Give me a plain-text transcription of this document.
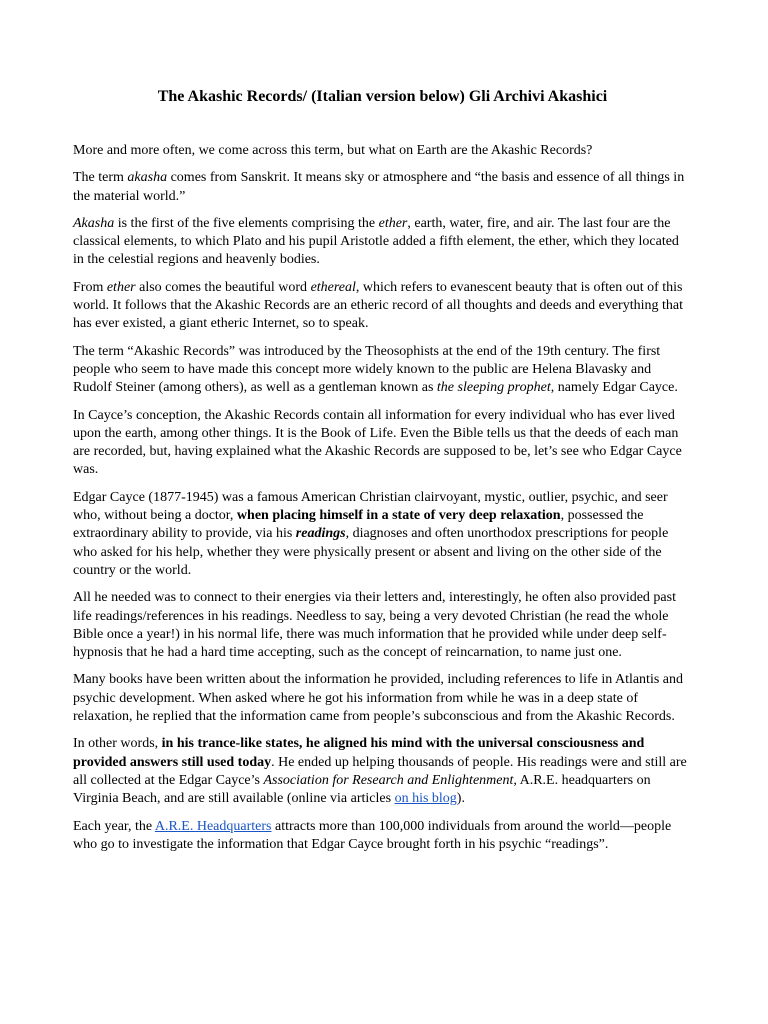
The Akashic Records/ (Italian version below) Gli Archivi Akashici

More and more often, we come across this term, but what on Earth are the Akashic Records?

The term akasha comes from Sanskrit. It means sky or atmosphere and “the basis and essence of all things in the material world.”

Akasha is the first of the five elements comprising the ether, earth, water, fire, and air. The last four are the classical elements, to which Plato and his pupil Aristotle added a fifth element, the ether, which they located in the celestial regions and heavenly bodies.

From ether also comes the beautiful word ethereal, which refers to evanescent beauty that is often out of this world. It follows that the Akashic Records are an etheric record of all thoughts and deeds and everything that has ever existed, a giant etheric Internet, so to speak.

The term “Akashic Records” was introduced by the Theosophists at the end of the 19th century. The first people who seem to have made this concept more widely known to the public are Helena Blavasky and Rudolf Steiner (among others), as well as a gentleman known as the sleeping prophet, namely Edgar Cayce.

In Cayce’s conception, the Akashic Records contain all information for every individual who has ever lived upon the earth, among other things. It is the Book of Life. Even the Bible tells us that the deeds of each man are recorded, but, having explained what the Akashic Records are supposed to be, let’s see who Edgar Cayce was.

Edgar Cayce (1877-1945) was a famous American Christian clairvoyant, mystic, outlier, psychic, and seer who, without being a doctor, when placing himself in a state of very deep relaxation, possessed the extraordinary ability to provide, via his readings, diagnoses and often unorthodox prescriptions for people who asked for his help, whether they were physically present or absent and living on the other side of the country or the world.

All he needed was to connect to their energies via their letters and, interestingly, he often also provided past life readings/references in his readings. Needless to say, being a very devoted Christian (he read the whole Bible once a year!) in his normal life, there was much information that he provided while under deep self-hypnosis that he had a hard time accepting, such as the concept of reincarnation, to name just one.

Many books have been written about the information he provided, including references to life in Atlantis and psychic development. When asked where he got his information from while he was in a deep state of relaxation, he replied that the information came from people’s subconscious and from the Akashic Records.

In other words, in his trance-like states, he aligned his mind with the universal consciousness and provided answers still used today. He ended up helping thousands of people. His readings were and still are all collected at the Edgar Cayce’s Association for Research and Enlightenment, A.R.E. headquarters on Virginia Beach, and are still available (online via articles on his blog).

Each year, the A.R.E. Headquarters attracts more than 100,000 individuals from around the world—people who go to investigate the information that Edgar Cayce brought forth in his psychic “readings”.
